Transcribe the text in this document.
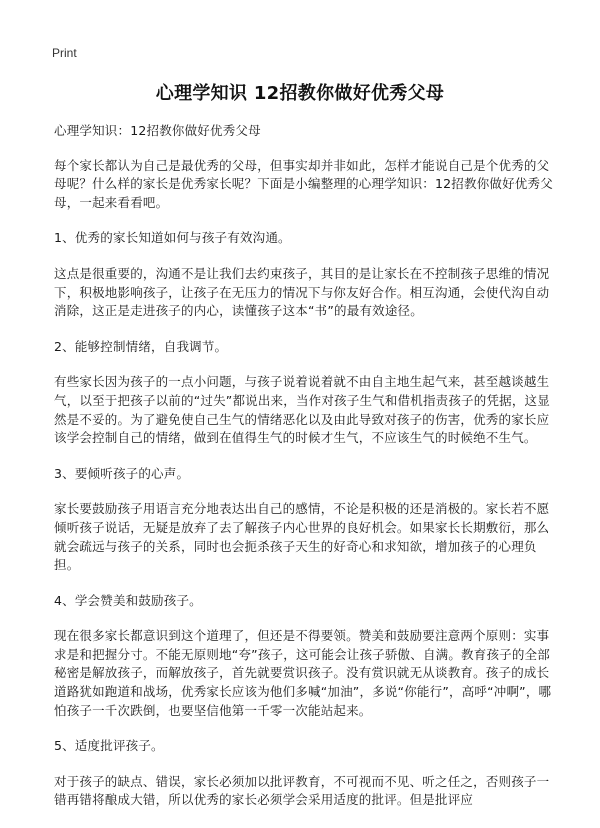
Print
心理学知识 12招教你做好优秀父母

心理学知识：12招教你做好优秀父母

每个家长都认为自己是最优秀的父母，但事实却并非如此，怎样才能说自己是个优秀的父母呢？什么样的家长是优秀家长呢？下面是小编整理的心理学知识：12招教你做好优秀父母，一起来看看吧。

1、优秀的家长知道如何与孩子有效沟通。

这点是很重要的，沟通不是让我们去约束孩子，其目的是让家长在不控制孩子思维的情况下，积极地影响孩子，让孩子在无压力的情况下与你友好合作。相互沟通，会使代沟自动消除，这正是走进孩子的内心，读懂孩子这本“书”的最有效途径。

2、能够控制情绪，自我调节。

有些家长因为孩子的一点小问题，与孩子说着说着就不由自主地生起气来，甚至越谈越生气，以至于把孩子以前的“过失”都说出来，当作对孩子生气和借机指责孩子的凭据，这显然是不妥的。为了避免使自己生气的情绪恶化以及由此导致对孩子的伤害，优秀的家长应该学会控制自己的情绪，做到在值得生气的时候才生气，不应该生气的时候绝不生气。

3、要倾听孩子的心声。

家长要鼓励孩子用语言充分地表达出自己的感情，不论是积极的还是消极的。家长若不愿倾听孩子说话，无疑是放弃了去了解孩子内心世界的良好机会。如果家长长期敷衍，那么就会疏远与孩子的关系，同时也会扼杀孩子天生的好奇心和求知欲，增加孩子的心理负担。

4、学会赞美和鼓励孩子。

现在很多家长都意识到这个道理了，但还是不得要领。赞美和鼓励要注意两个原则：实事求是和把握分寸。不能无原则地“夸”孩子，这可能会让孩子骄傲、自满。教育孩子的全部秘密是解放孩子，而解放孩子，首先就要赏识孩子。没有赏识就无从谈教育。孩子的成长道路犹如跑道和战场，优秀家长应该为他们多喊“加油”，多说“你能行”，高呼“冲啊”，哪怕孩子一千次跌倒，也要坚信他第一千零一次能站起来。

5、适度批评孩子。

对于孩子的缺点、错误，家长必须加以批评教育，不可视而不见、听之任之，否则孩子一错再错将酿成大错，所以优秀的家长必须学会采用适度的批评。但是批评应
